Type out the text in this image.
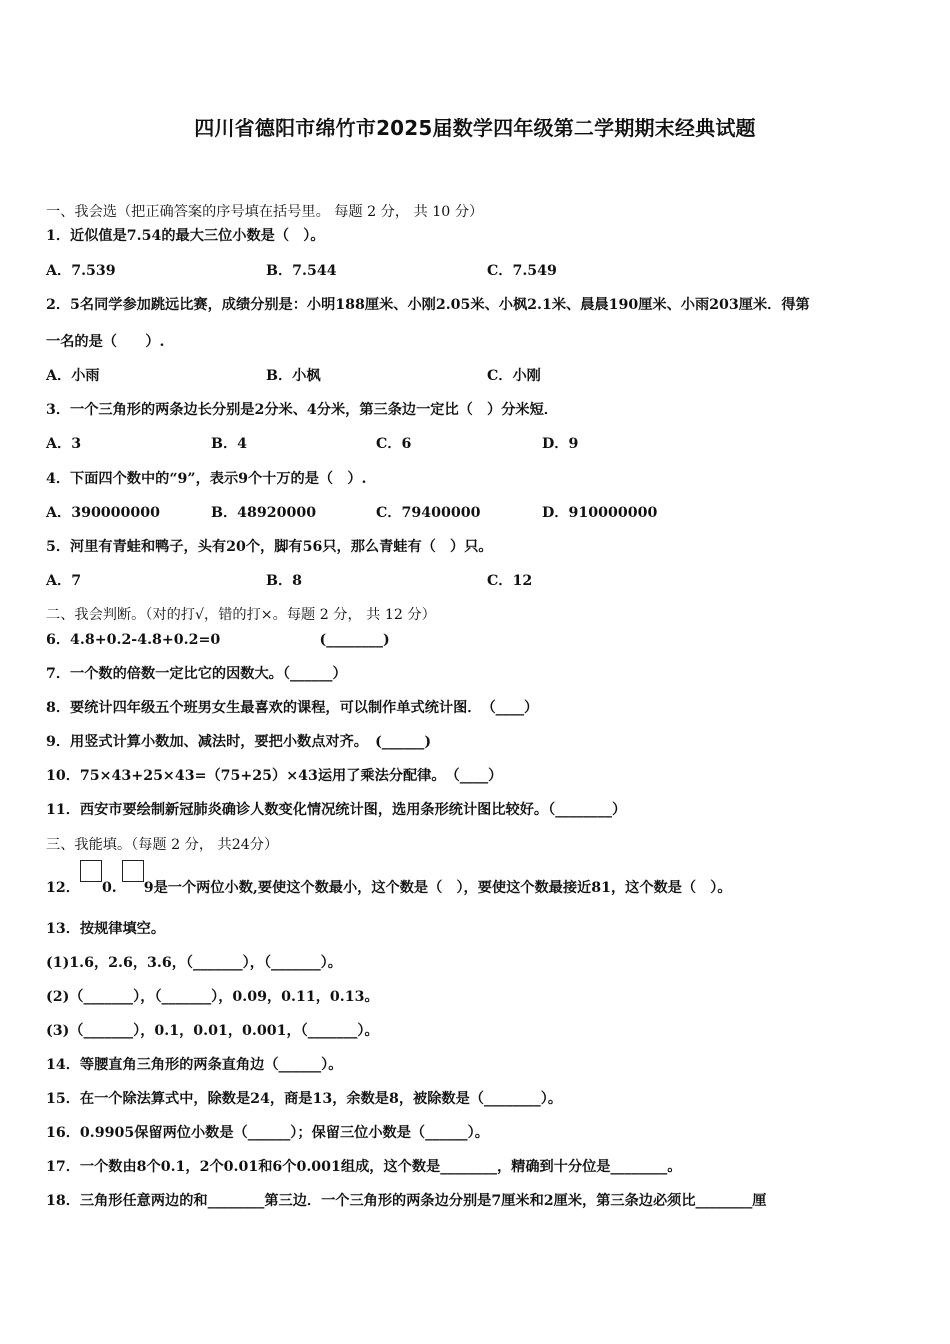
四川省德阳市绵竹市2025届数学四年级第二学期期末经典试题
一、我会选（把正确答案的序号填在括号里。 每题 2 分， 共 10 分）
1．近似值是7.54的最大三位小数是（　）。
A．7.539	B．7.544	C．7.549
2．5名同学参加跳远比赛，成绩分别是：小明188厘米、小刚2.05米、小枫2.1米、晨晨190厘米、小雨203厘米．得第
一名的是（　　）.
A．小雨	B．小枫	C．小刚
3．一个三角形的两条边长分别是2分米、4分米，第三条边一定比（　）分米短．
A．3	B．4	C．6	D．9
4．下面四个数中的“9”，表示9个十万的是（　）.
A．390000000	B．48920000	C．79400000	D．910000000
5．河里有青蛙和鸭子，头有20个，脚有56只，那么青蛙有（　）只。
A．7	B．8	C．12
二、我会判断。（对的打√，错的打×。每题 2 分， 共 12 分）
6．4.8+0.2-4.8+0.2=0　　　　　　　(________)
7．一个数的倍数一定比它的因数大。（______）
8．要统计四年级五个班男女生最喜欢的课程，可以制作单式统计图．　（____）
9．用竖式计算小数加、减法时，要把小数点对齐。　(______)
10．75×43+25×43=（75+25）×43运用了乘法分配律。　（____）
11．西安市要绘制新冠肺炎确诊人数变化情况统计图，选用条形统计图比较好。（________）
三、我能填。（每题 2 分， 共24分）
12． 0. 9是一个两位小数,要使这个数最小，这个数是（　），要使这个数最接近81，这个数是（　）。
13．按规律填空。
(1)1.6，2.6，3.6，（_______），（_______）。
(2)（_______），（_______），0.09，0.11，0.13。
(3)（_______），0.1，0.01，0.001，（_______）。
14．等腰直角三角形的两条直角边（______）。
15．在一个除法算式中，除数是24，商是13，余数是8，被除数是（________）。
16．0.9905保留两位小数是（______）；保留三位小数是（______）。
17．一个数由8个0.1，2个0.01和6个0.001组成，这个数是________，精确到十分位是________。
18．三角形任意两边的和________第三边．一个三角形的两条边分别是7厘米和2厘米，第三条边必须比________厘
